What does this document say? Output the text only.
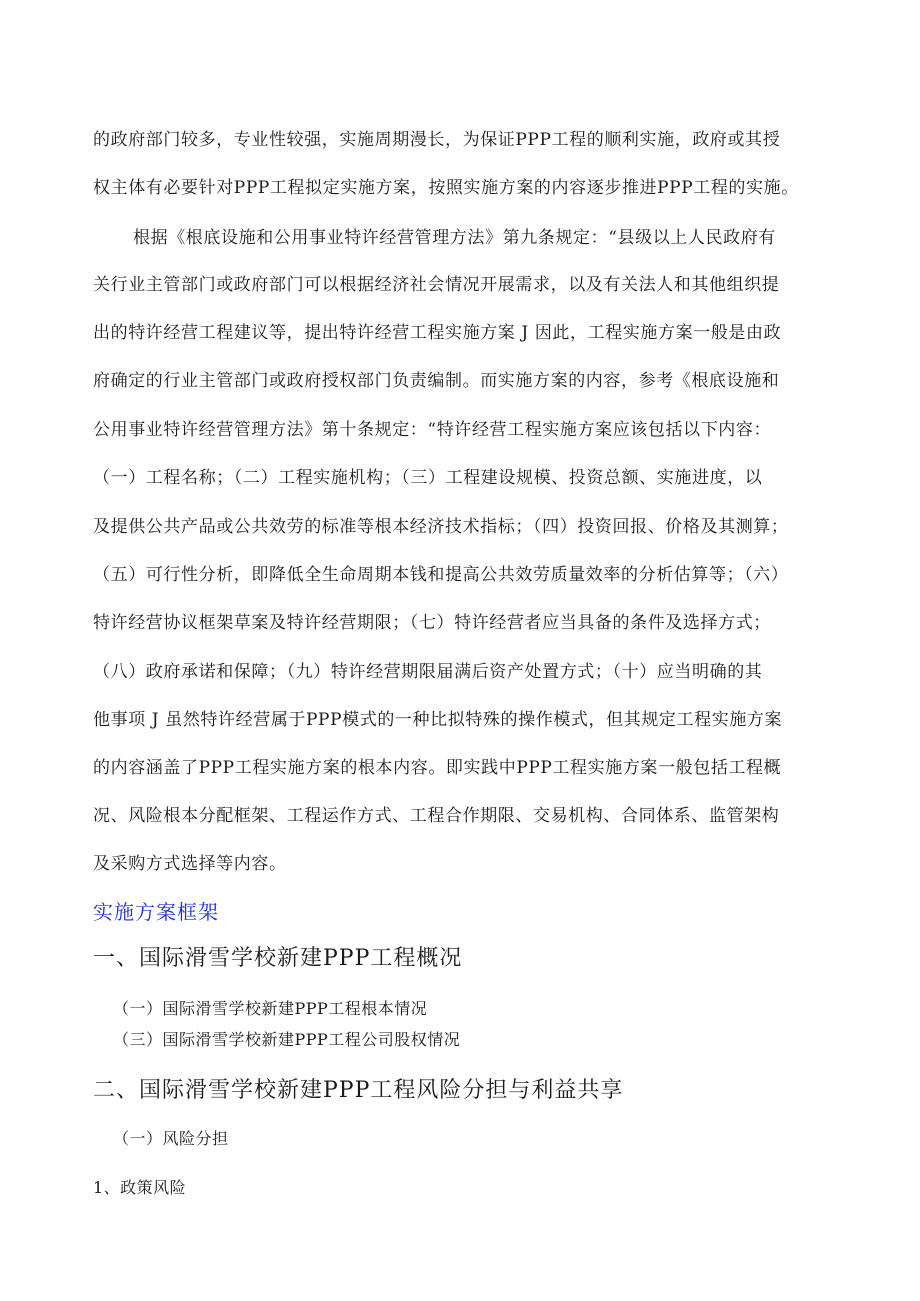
的政府部门较多，专业性较强，实施周期漫长，为保证PPP工程的顺利实施，政府或其授
权主体有必要针对PPP工程拟定实施方案，按照实施方案的内容逐步推进PPP工程的实施。
根据《根底设施和公用事业特许经营管理方法》第九条规定：“县级以上人民政府有
关行业主管部门或政府部门可以根据经济社会情况开展需求，以及有关法人和其他组织提
出的特许经营工程建议等，提出特许经营工程实施方案 J 因此，工程实施方案一般是由政
府确定的行业主管部门或政府授权部门负责编制。而实施方案的内容，参考《根底设施和
公用事业特许经营管理方法》第十条规定：“特许经营工程实施方案应该包括以下内容：
（一）工程名称；（二）工程实施机构；（三）工程建设规模、投资总额、实施进度，以
及提供公共产品或公共效劳的标准等根本经济技术指标；（四）投资回报、价格及其测算；
（五）可行性分析，即降低全生命周期本钱和提高公共效劳质量效率的分析估算等；（六）
特许经营协议框架草案及特许经营期限；（七）特许经营者应当具备的条件及选择方式；
（八）政府承诺和保障；（九）特许经营期限届满后资产处置方式；（十）应当明确的其
他事项 J 虽然特许经营属于PPP模式的一种比拟特殊的操作模式，但其规定工程实施方案
的内容涵盖了PPP工程实施方案的根本内容。即实践中PPP工程实施方案一般包括工程概
况、风险根本分配框架、工程运作方式、工程合作期限、交易机构、合同体系、监管架构
及采购方式选择等内容。
实施方案框架
一、国际滑雪学校新建PPP工程概况
（一）国际滑雪学校新建PPP工程根本情况
（三）国际滑雪学校新建PPP工程公司股权情况
二、国际滑雪学校新建PPP工程风险分担与利益共享
（一）风险分担
1、政策风险
